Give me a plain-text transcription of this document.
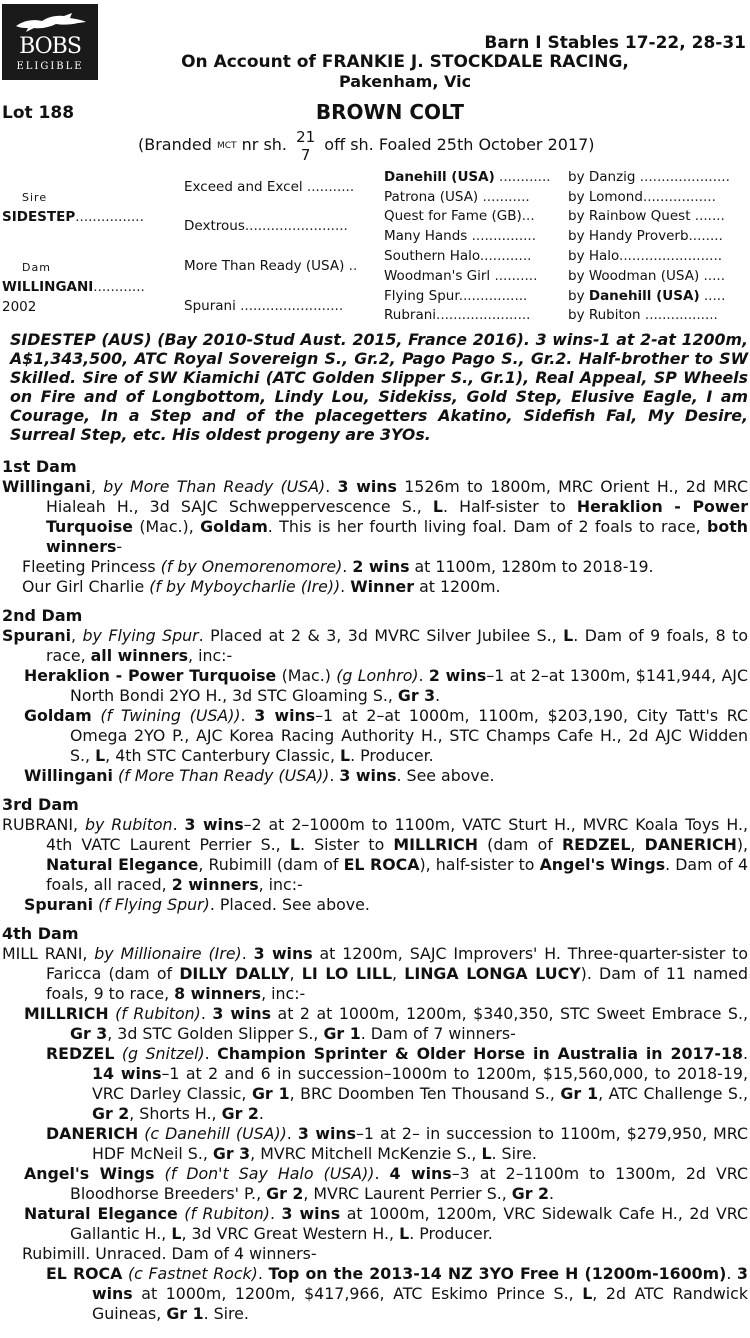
BOBS
ELIGIBLE
Barn I Stables 17-22, 28-31
On Account of FRANKIE J. STOCKDALE RACING,
Pakenham, Vic
Lot 188	BROWN COLT
(Branded MCT nr sh. 21
7
off sh. Foaled 25th October 2017)
Sire
SIDESTEP................
Dam
WILLINGANI............
2002
Exceed and Excel ...........
Dextrous........................
More Than Ready (USA) ..
Spurani ........................
Danehill (USA) ............
Patrona (USA) ...........
Quest for Fame (GB)...
Many Hands ...............
Southern Halo............
Woodman's Girl ..........
Flying Spur................
Rubrani......................
by Danzig .....................
by Lomond.................
by Rainbow Quest .......
by Handy Proverb........
by Halo........................
by Woodman (USA) .....
by Danehill (USA) .....
by Rubiton .................

SIDESTEP (AUS) (Bay 2010-Stud Aust. 2015, France 2016). 3 wins-1 at 2-at 1200m, A$1,343,500, ATC Royal Sovereign S., Gr.2, Pago Pago S., Gr.2. Half-brother to SW Skilled. Sire of SW Kiamichi (ATC Golden Slipper S., Gr.1), Real Appeal, SP Wheels on Fire and of Longbottom, Lindy Lou, Sidekiss, Gold Step, Elusive Eagle, I am Courage, In a Step and of the placegetters Akatino, Sidefish Fal, My Desire, Surreal Step, etc. His oldest progeny are 3YOs.

1st Dam

Willingani, by More Than Ready (USA). 3 wins 1526m to 1800m, MRC Orient H., 2d MRC Hialeah H., 3d SAJC Schweppervescence S., L. Half-sister to Heraklion - Power Turquoise (Mac.), Goldam. This is her fourth living foal. Dam of 2 foals to race, both winners-

Fleeting Princess (f by Onemorenomore). 2 wins at 1100m, 1280m to 2018-19.

Our Girl Charlie (f by Myboycharlie (Ire)). Winner at 1200m.

2nd Dam

Spurani, by Flying Spur. Placed at 2 & 3, 3d MVRC Silver Jubilee S., L. Dam of 9 foals, 8 to race, all winners, inc:-

Heraklion - Power Turquoise (Mac.) (g Lonhro). 2 wins–1 at 2–at 1300m, $141,944, AJC North Bondi 2YO H., 3d STC Gloaming S., Gr 3.

Goldam (f Twining (USA)). 3 wins–1 at 2–at 1000m, 1100m, $203,190, City Tatt's RC Omega 2YO P., AJC Korea Racing Authority H., STC Champs Cafe H., 2d AJC Widden S., L, 4th STC Canterbury Classic, L. Producer.

Willingani (f More Than Ready (USA)). 3 wins. See above.

3rd Dam

RUBRANI, by Rubiton. 3 wins–2 at 2–1000m to 1100m, VATC Sturt H., MVRC Koala Toys H., 4th VATC Laurent Perrier S., L. Sister to MILLRICH (dam of REDZEL, DANERICH), Natural Elegance, Rubimill (dam of EL ROCA), half-sister to Angel's Wings. Dam of 4 foals, all raced, 2 winners, inc:-

Spurani (f Flying Spur). Placed. See above.

4th Dam

MILL RANI, by Millionaire (Ire). 3 wins at 1200m, SAJC Improvers' H. Three-quarter-sister to Faricca (dam of DILLY DALLY, LI LO LILL, LINGA LONGA LUCY). Dam of 11 named foals, 9 to race, 8 winners, inc:-

MILLRICH (f Rubiton). 3 wins at 2 at 1000m, 1200m, $340,350, STC Sweet Embrace S., Gr 3, 3d STC Golden Slipper S., Gr 1. Dam of 7 winners-

REDZEL (g Snitzel). Champion Sprinter & Older Horse in Australia in 2017-18. 14 wins–1 at 2 and 6 in succession–1000m to 1200m, $15,560,000, to 2018-19, VRC Darley Classic, Gr 1, BRC Doomben Ten Thousand S., Gr 1, ATC Challenge S., Gr 2, Shorts H., Gr 2.

DANERICH (c Danehill (USA)). 3 wins–1 at 2– in succession to 1100m, $279,950, MRC HDF McNeil S., Gr 3, MVRC Mitchell McKenzie S., L. Sire.

Angel's Wings (f Don't Say Halo (USA)). 4 wins–3 at 2–1100m to 1300m, 2d VRC Bloodhorse Breeders' P., Gr 2, MVRC Laurent Perrier S., Gr 2.

Natural Elegance (f Rubiton). 3 wins at 1000m, 1200m, VRC Sidewalk Cafe H., 2d VRC Gallantic H., L, 3d VRC Great Western H., L. Producer.

Rubimill. Unraced. Dam of 4 winners-

EL ROCA (c Fastnet Rock). Top on the 2013-14 NZ 3YO Free H (1200m-1600m). 3 wins at 1000m, 1200m, $417,966, ATC Eskimo Prince S., L, 2d ATC Randwick Guineas, Gr 1. Sire.
